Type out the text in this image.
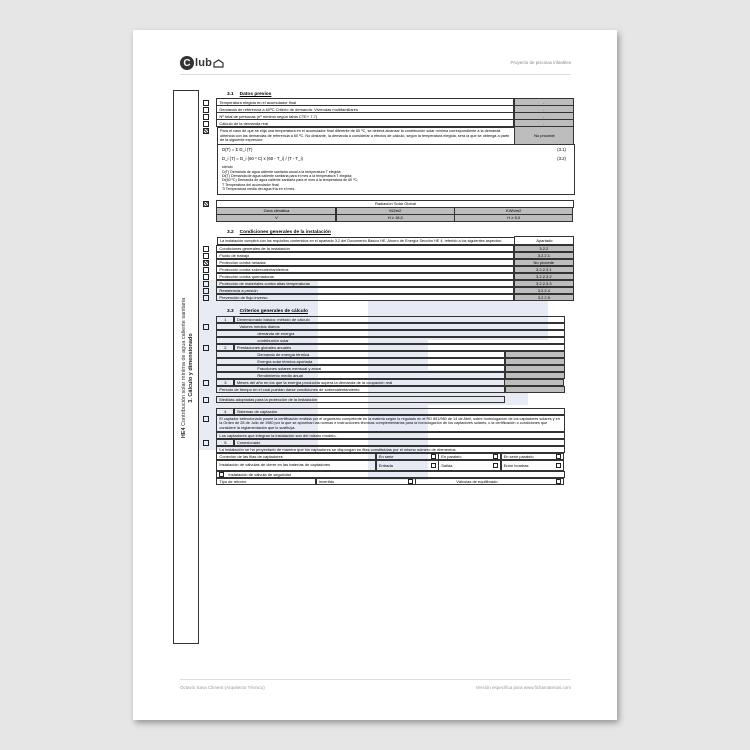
C lub	Proyecto de piscinas infantiles
HE4 Contribución solar mínima de agua caliente sanitaria 3. Cálculo y dimensionado
3.1 Datos previos
Temperatura elegida en el acumulador final	-
Demanda de referencia a 60ºC Criterio de demanda: Viviendas multifamiliares	-
Nº total de personas (nº mínimo según tabla CTE+ 7.7)	-
Cálculo de la demanda real	-
Para el caso de que se elija una temperatura en el acumulador final diferente de 60 ºC, se deberá alcanzar la contribución solar mínima correspondiente a la demanda obtenida con las demandas de referencia a 60 ºC. No obstante, la demanda a considerar a efectos de cálculo, según la temperatura elegida, será la que se obtenga a partir de la siguiente expresión:
No procede
D(T) = Σ D_i (T)	(3.1)
D_i (T) = D_i (60 º C) x (60 - T_i) / (T - T_i)	(3.2)
siendo
D(T) Demanda de agua caliente sanitaria anual a la temperatura T elegida;
Di(T) Demanda de agua caliente sanitaria para el mes a la temperatura T elegida;
Di(60 ºC) Demanda de agua caliente sanitaria para el mes a la temperatura de 60 ºC;
T Temperatura del acumulador final;
Ti Temperatura media del agua fría en el mes .
Radiación Solar Global
Zona climática	MJ/m2	KWh/m2
V	H ≥ 18,0	H ≥ 5,0
3.2 Condiciones generales de la instalación
La instalación cumplirá con los requisitos contenidos en el apartado 3.2 del Documento Básico HE. Ahorro de Energía Sección HE 4, referido a los siguientes aspectos:	Apartado
Condiciones generales de la instalación	3.2.2
Fluido de trabajo	3.2.2.1
Protección contra heladas	No procede
Protección contra sobrecalentamientos	3.2.2.3.1
Protección contra quemaduras	3.2.2.3.2
Protección de materiales contra altas temperaturas	3.2.2.3.3
Resistencia a presión	3.2.2.4
Prevención de flujo inverso	3.2.2.5
3.3 Criterios generales de cálculo
1	Dimensionado básico: método de cálculo
Valores medios diarios
demanda de energía
contribución solar
2	Prestaciones globales anuales
Demanda de energía térmica
Energía solar térmica aportada
Fracciones solares mensual y anual
Rendimiento medio anual
3	Meses del año en los que la energía producida supera la demanda de la ocupación real
Periodo de tiempo en el cual puedan darse condiciones de sobrecalentamiento
Medidas adoptadas para la protección de la instalación
4	Sistemas de captación
El captador seleccionado posee la certificación emitida por el organismo competente en la materia según lo regulado en el RD 891/980 de 14 de Abril, sobre homologación de los captadores solares y en la Orden de 28 de Julio de 1980 por la que se aprueban las normas e instrucciones técnicas complementarias para la homologación de los captadores solares, o la certificación o condiciones que considere la reglamentación que lo sustituya.
Los captadores que integran la instalación son del mismo modelo.
5	Conexionado
La instalación se ha proyectado de manera que los captadores se dispongan en filas constituidas por el mismo número de elementos.
Conexión de las filas de captadores	En serie	En paralelo	En serie paralelo
Instalación de válvulas de cierre en las baterías de captadores	Entrada	Salida	Entre bombas
Instalación de válvula de seguridad
Tipo de retorno	Invertido	Válvulas de equilibrado
Octavio Sava Climent (Arquitecto Técnico)	Versión específica para www.fichamaterias.com
